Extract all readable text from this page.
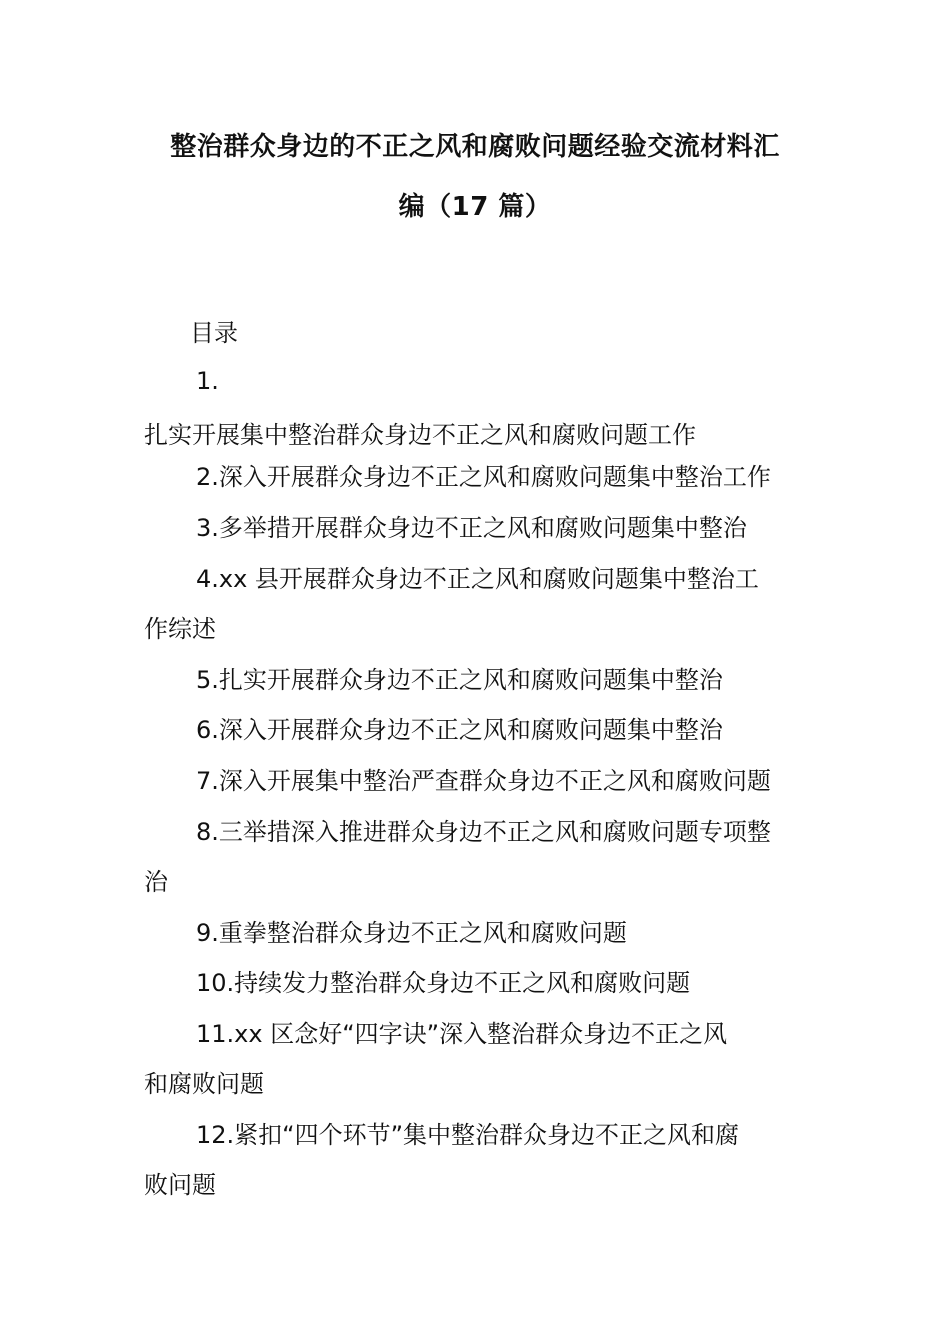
整治群众身边的不正之风和腐败问题经验交流材料汇
编（17 篇）
目录
1.
扎实开展集中整治群众身边不正之风和腐败问题工作
2.深入开展群众身边不正之风和腐败问题集中整治工作
3.多举措开展群众身边不正之风和腐败问题集中整治
4.xx 县开展群众身边不正之风和腐败问题集中整治工
作综述
5.扎实开展群众身边不正之风和腐败问题集中整治
6.深入开展群众身边不正之风和腐败问题集中整治
7.深入开展集中整治严查群众身边不正之风和腐败问题
8.三举措深入推进群众身边不正之风和腐败问题专项整
治
9.重拳整治群众身边不正之风和腐败问题
10.持续发力整治群众身边不正之风和腐败问题
11.xx 区念好“四字诀”深入整治群众身边不正之风
和腐败问题
12.紧扣“四个环节”集中整治群众身边不正之风和腐
败问题
